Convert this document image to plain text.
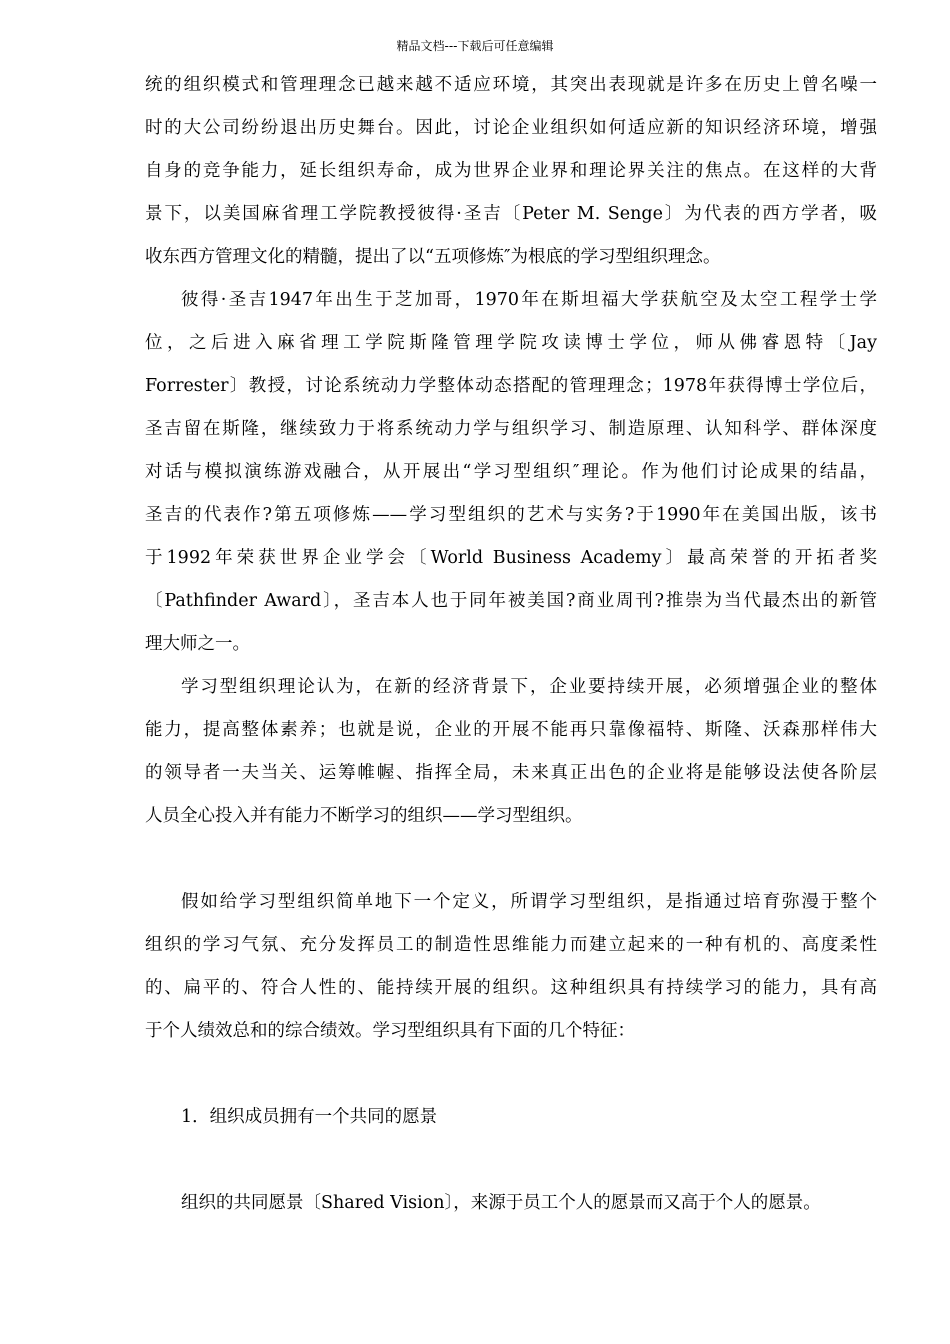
精品文档---下载后可任意编辑
统的组织模式和管理理念已越来越不适应环境，其突出表现就是许多在历史上曾名噪一
时的大公司纷纷退出历史舞台。因此，讨论企业组织如何适应新的知识经济环境，增强
自身的竞争能力，延长组织寿命，成为世界企业界和理论界关注的焦点。在这样的大背
景下，以美国麻省理工学院教授彼得·圣吉〔Peter M. Senge〕为代表的西方学者，吸
收东西方管理文化的精髓，提出了以“五项修炼″为根底的学习型组织理念。
彼得·圣吉1947年出生于芝加哥，1970年在斯坦福大学获航空及太空工程学士学
位，之后进入麻省理工学院斯隆管理学院攻读博士学位，师从佛睿恩特〔Jay
Forrester〕教授，讨论系统动力学整体动态搭配的管理理念；1978年获得博士学位后，
圣吉留在斯隆，继续致力于将系统动力学与组织学习、制造原理、认知科学、群体深度
对话与模拟演练游戏融合，从开展出“学习型组织″理论。作为他们讨论成果的结晶，
圣吉的代表作?第五项修炼——学习型组织的艺术与实务?于1990年在美国出版，该书
于1992年荣获世界企业学会〔World Business Academy〕最高荣誉的开拓者奖
〔Pathfinder Award〕，圣吉本人也于同年被美国?商业周刊?推崇为当代最杰出的新管
理大师之一。
学习型组织理论认为，在新的经济背景下，企业要持续开展，必须增强企业的整体
能力，提高整体素养；也就是说，企业的开展不能再只靠像福特、斯隆、沃森那样伟大
的领导者一夫当关、运筹帷幄、指挥全局，未来真正出色的企业将是能够设法使各阶层
人员全心投入并有能力不断学习的组织——学习型组织。
假如给学习型组织简单地下一个定义，所谓学习型组织，是指通过培育弥漫于整个
组织的学习气氛、充分发挥员工的制造性思维能力而建立起来的一种有机的、高度柔性
的、扁平的、符合人性的、能持续开展的组织。这种组织具有持续学习的能力，具有高
于个人绩效总和的综合绩效。学习型组织具有下面的几个特征：
1．组织成员拥有一个共同的愿景
组织的共同愿景〔Shared Vision〕，来源于员工个人的愿景而又高于个人的愿景。
